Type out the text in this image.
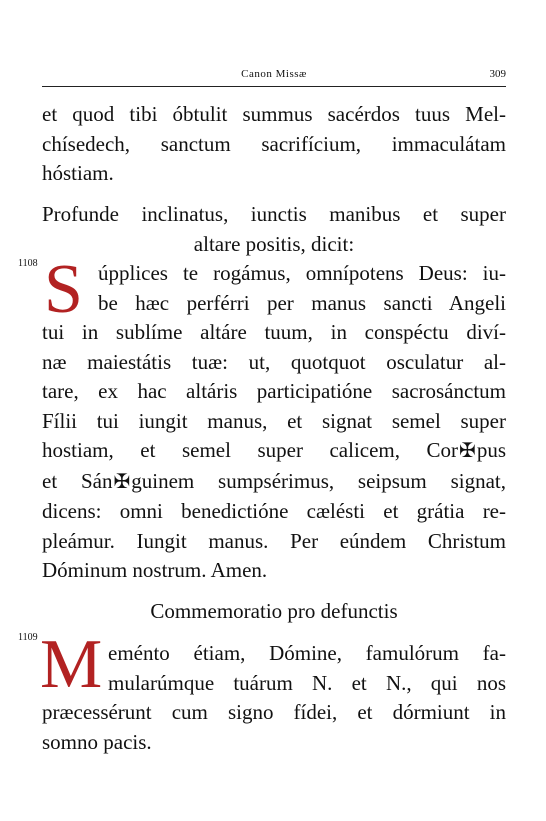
Canon Missæ	309
et quod tibi óbtulit summus sacérdos tuus Mel-
chísedech, sanctum sacrifícium, immaculátam
hóstiam.
Profunde inclinatus, iunctis manibus et super
altare positis, dicit:
1108 S úpplices te rogámus, omnípotens Deus: iu-
be hæc perférri per manus sancti Angeli
tui in sublíme altáre tuum, in conspéctu diví-
næ maiestátis tuæ: ut, quotquot osculatur al-
tare, ex hac altáris participatióne sacrosánctum
Fílii tui iungit manus, et signat semel super
hostiam, et semel super calicem, Cor✠pus
et Sán✠guinem sumpsérimus, seipsum signat,
dicens: omni benedictióne cælésti et grátia re-
pleámur. Iungit manus. Per eúndem Christum
Dóminum nostrum. Amen.
Commemoratio pro defunctis
1109 M eménto étiam, Dómine, famulórum fa-
mularúmque tuárum N. et N., qui nos
præcessérunt cum signo fídei, et dórmiunt in
somno pacis.
